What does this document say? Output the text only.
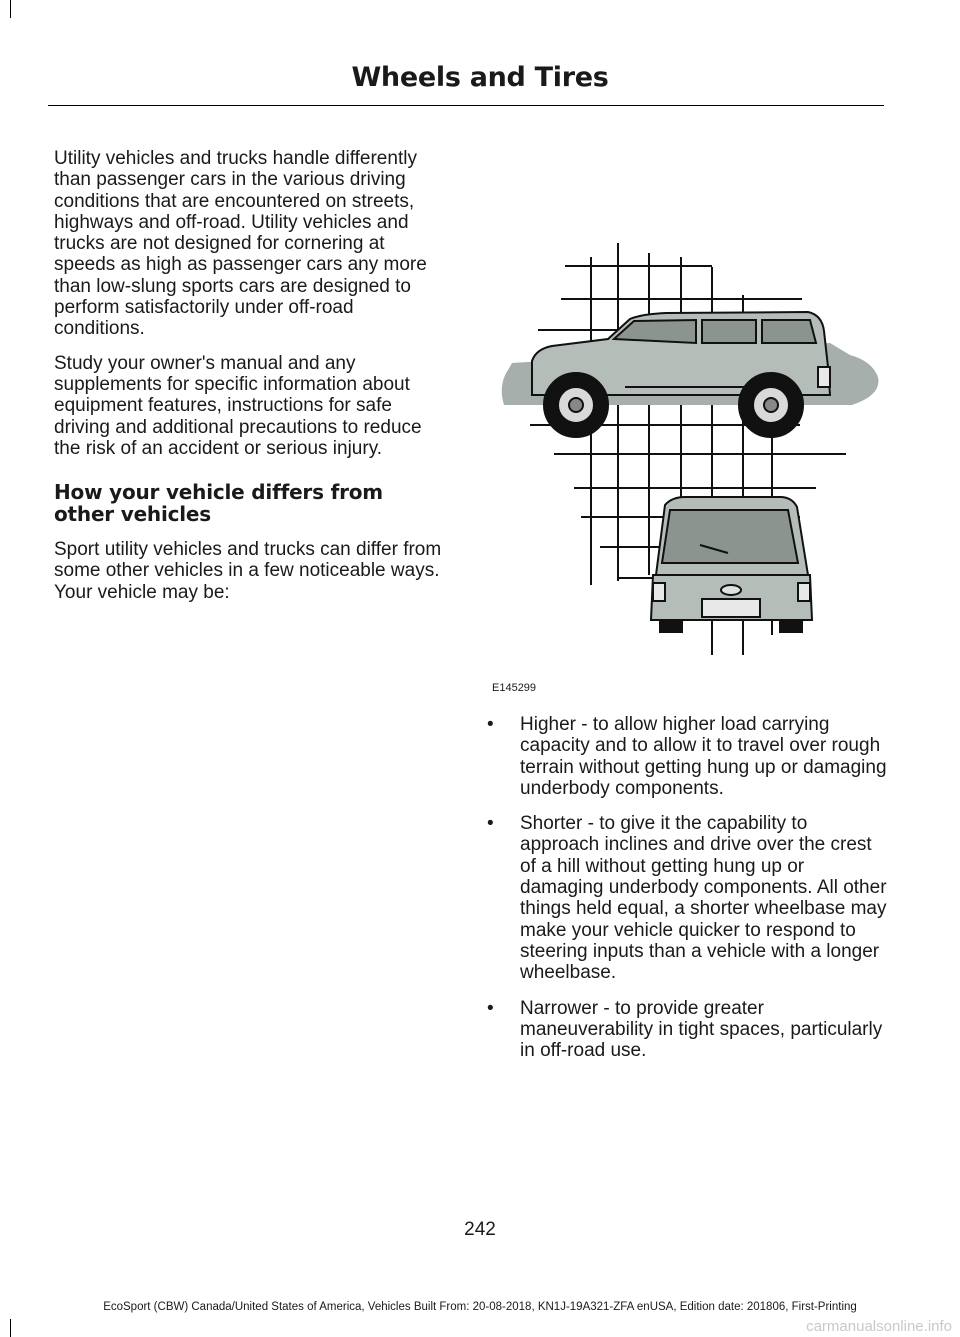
Wheels and Tires

Utility vehicles and trucks handle differently than passenger cars in the various driving conditions that are encountered on streets, highways and off-road. Utility vehicles and trucks are not designed for cornering at speeds as high as passenger cars any more than low-slung sports cars are designed to perform satisfactorily under off-road conditions.

Study your owner's manual and any supplements for specific information about equipment features, instructions for safe driving and additional precautions to reduce the risk of an accident or serious injury.

How your vehicle differs from other vehicles

Sport utility vehicles and trucks can differ from some other vehicles in a few noticeable ways. Your vehicle may be:

E145299
• Higher - to allow higher load carrying capacity and to allow it to travel over rough terrain without getting hung up or damaging underbody components.
• Shorter - to give it the capability to approach inclines and drive over the crest of a hill without getting hung up or damaging underbody components. All other things held equal, a shorter wheelbase may make your vehicle quicker to respond to steering inputs than a vehicle with a longer wheelbase.
• Narrower - to provide greater maneuverability in tight spaces, particularly in off-road use.
242
EcoSport (CBW) Canada/United States of America, Vehicles Built From: 20-08-2018, KN1J-19A321-ZFA enUSA, Edition date: 201806, First-Printing
carmanualsonline.info
